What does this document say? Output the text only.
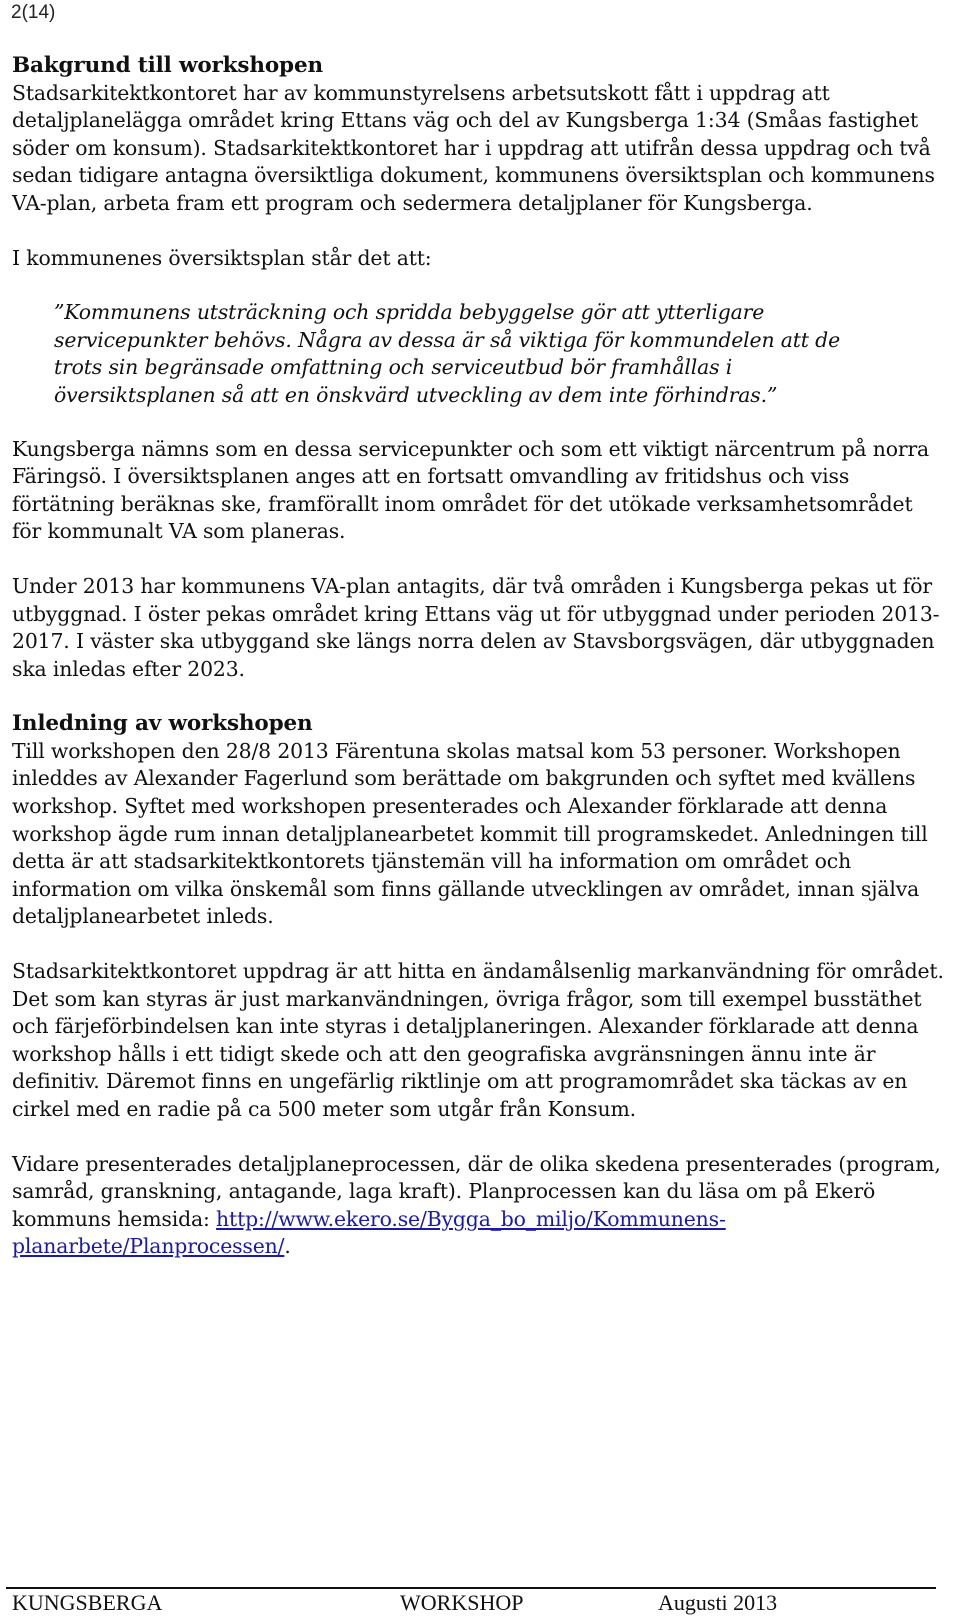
2(14)

Bakgrund till workshopen
Stadsarkitektkontoret har av kommunstyrelsens arbetsutskott fått i uppdrag att detaljplanelägga området kring Ettans väg och del av Kungsberga 1:34 (Småas fastighet söder om konsum). Stadsarkitektkontoret har i uppdrag att utifrån dessa uppdrag och två sedan tidigare antagna översiktliga dokument, kommunens översiktsplan och kommunens VA-plan, arbeta fram ett program och sedermera detaljplaner för Kungsberga.

I kommunenes översiktsplan står det att:

”Kommunens utsträckning och spridda bebyggelse gör att ytterligare servicepunkter behövs. Några av dessa är så viktiga för kommundelen att de trots sin begränsade omfattning och serviceutbud bör framhållas i översiktsplanen så att en önskvärd utveckling av dem inte förhindras.”

Kungsberga nämns som en dessa servicepunkter och som ett viktigt närcentrum på norra Färingsö. I översiktsplanen anges att en fortsatt omvandling av fritidshus och viss förtätning beräknas ske, framförallt inom området för det utökade verksamhetsområdet för kommunalt VA som planeras.

Under 2013 har kommunens VA-plan antagits, där två områden i Kungsberga pekas ut för utbyggnad. I öster pekas området kring Ettans väg ut för utbyggnad under perioden 2013-2017. I väster ska utbyggand ske längs norra delen av Stavsborgsvägen, där utbyggnaden ska inledas efter 2023.

Inledning av workshopen
Till workshopen den 28/8 2013 Färentuna skolas matsal kom 53 personer. Workshopen inleddes av Alexander Fagerlund som berättade om bakgrunden och syftet med kvällens workshop. Syftet med workshopen presenterades och Alexander förklarade att denna workshop ägde rum innan detaljplanearbetet kommit till programskedet. Anledningen till detta är att stadsarkitektkontorets tjänstemän vill ha information om området och information om vilka önskemål som finns gällande utvecklingen av området, innan själva detaljplanearbetet inleds.

Stadsarkitektkontoret uppdrag är att hitta en ändamålsenlig markanvändning för området. Det som kan styras är just markanvändningen, övriga frågor, som till exempel busstäthet och färjeförbindelsen kan inte styras i detaljplaneringen. Alexander förklarade att denna workshop hålls i ett tidigt skede och att den geografiska avgränsningen ännu inte är definitiv. Däremot finns en ungefärlig riktlinje om att programområdet ska täckas av en cirkel med en radie på ca 500 meter som utgår från Konsum.

Vidare presenterades detaljplaneprocessen, där de olika skedena presenterades (program, samråd, granskning, antagande, laga kraft). Planprocessen kan du läsa om på Ekerö kommuns hemsida: http://www.ekero.se/Bygga_bo_miljo/Kommunens-planarbete/Planprocessen/.

KUNGSBERGA	WORKSHOP	Augusti 2013
